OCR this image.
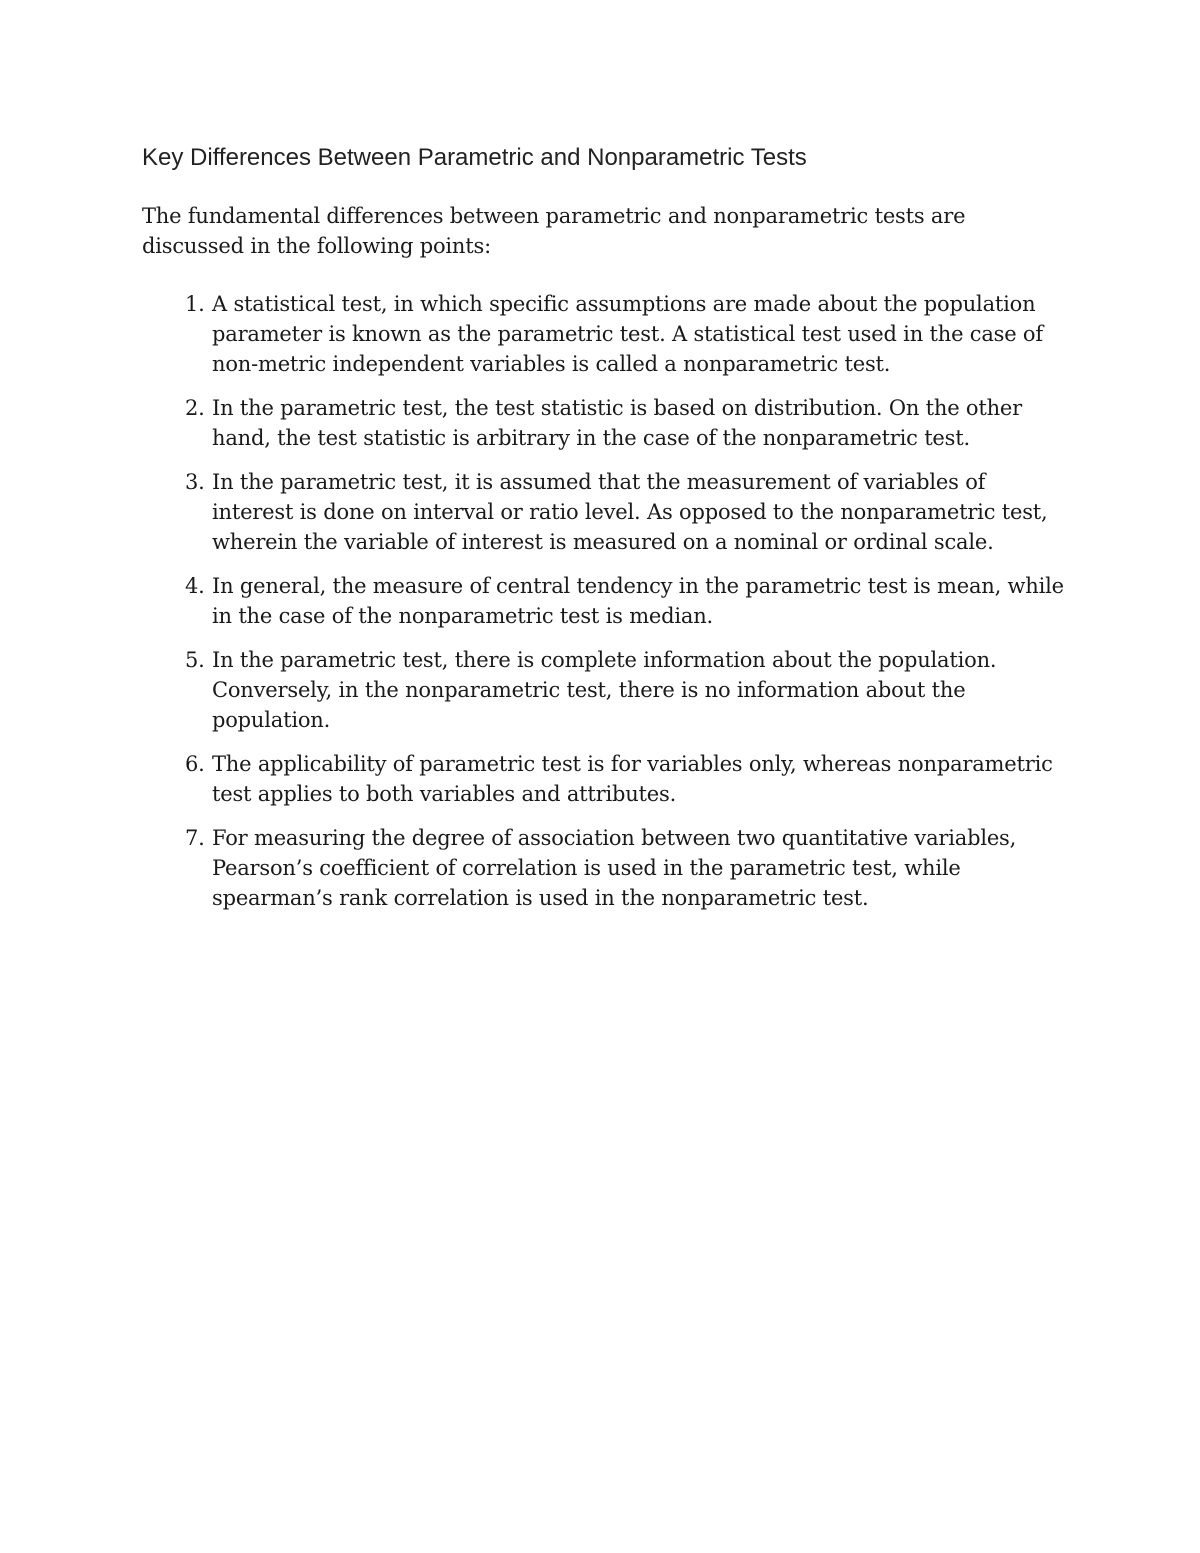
Key Differences Between Parametric and Nonparametric Tests

The fundamental differences between parametric and nonparametric tests are discussed in the following points:

1. A statistical test, in which specific assumptions are made about the population parameter is known as the parametric test. A statistical test used in the case of non-metric independent variables is called a nonparametric test.
2. In the parametric test, the test statistic is based on distribution. On the other hand, the test statistic is arbitrary in the case of the nonparametric test.
3. In the parametric test, it is assumed that the measurement of variables of interest is done on interval or ratio level. As opposed to the nonparametric test, wherein the variable of interest is measured on a nominal or ordinal scale.
4. In general, the measure of central tendency in the parametric test is mean, while in the case of the nonparametric test is median.
5. In the parametric test, there is complete information about the population. Conversely, in the nonparametric test, there is no information about the population.
6. The applicability of parametric test is for variables only, whereas nonparametric test applies to both variables and attributes.
7. For measuring the degree of association between two quantitative variables, Pearson’s coefficient of correlation is used in the parametric test, while spearman’s rank correlation is used in the nonparametric test.
